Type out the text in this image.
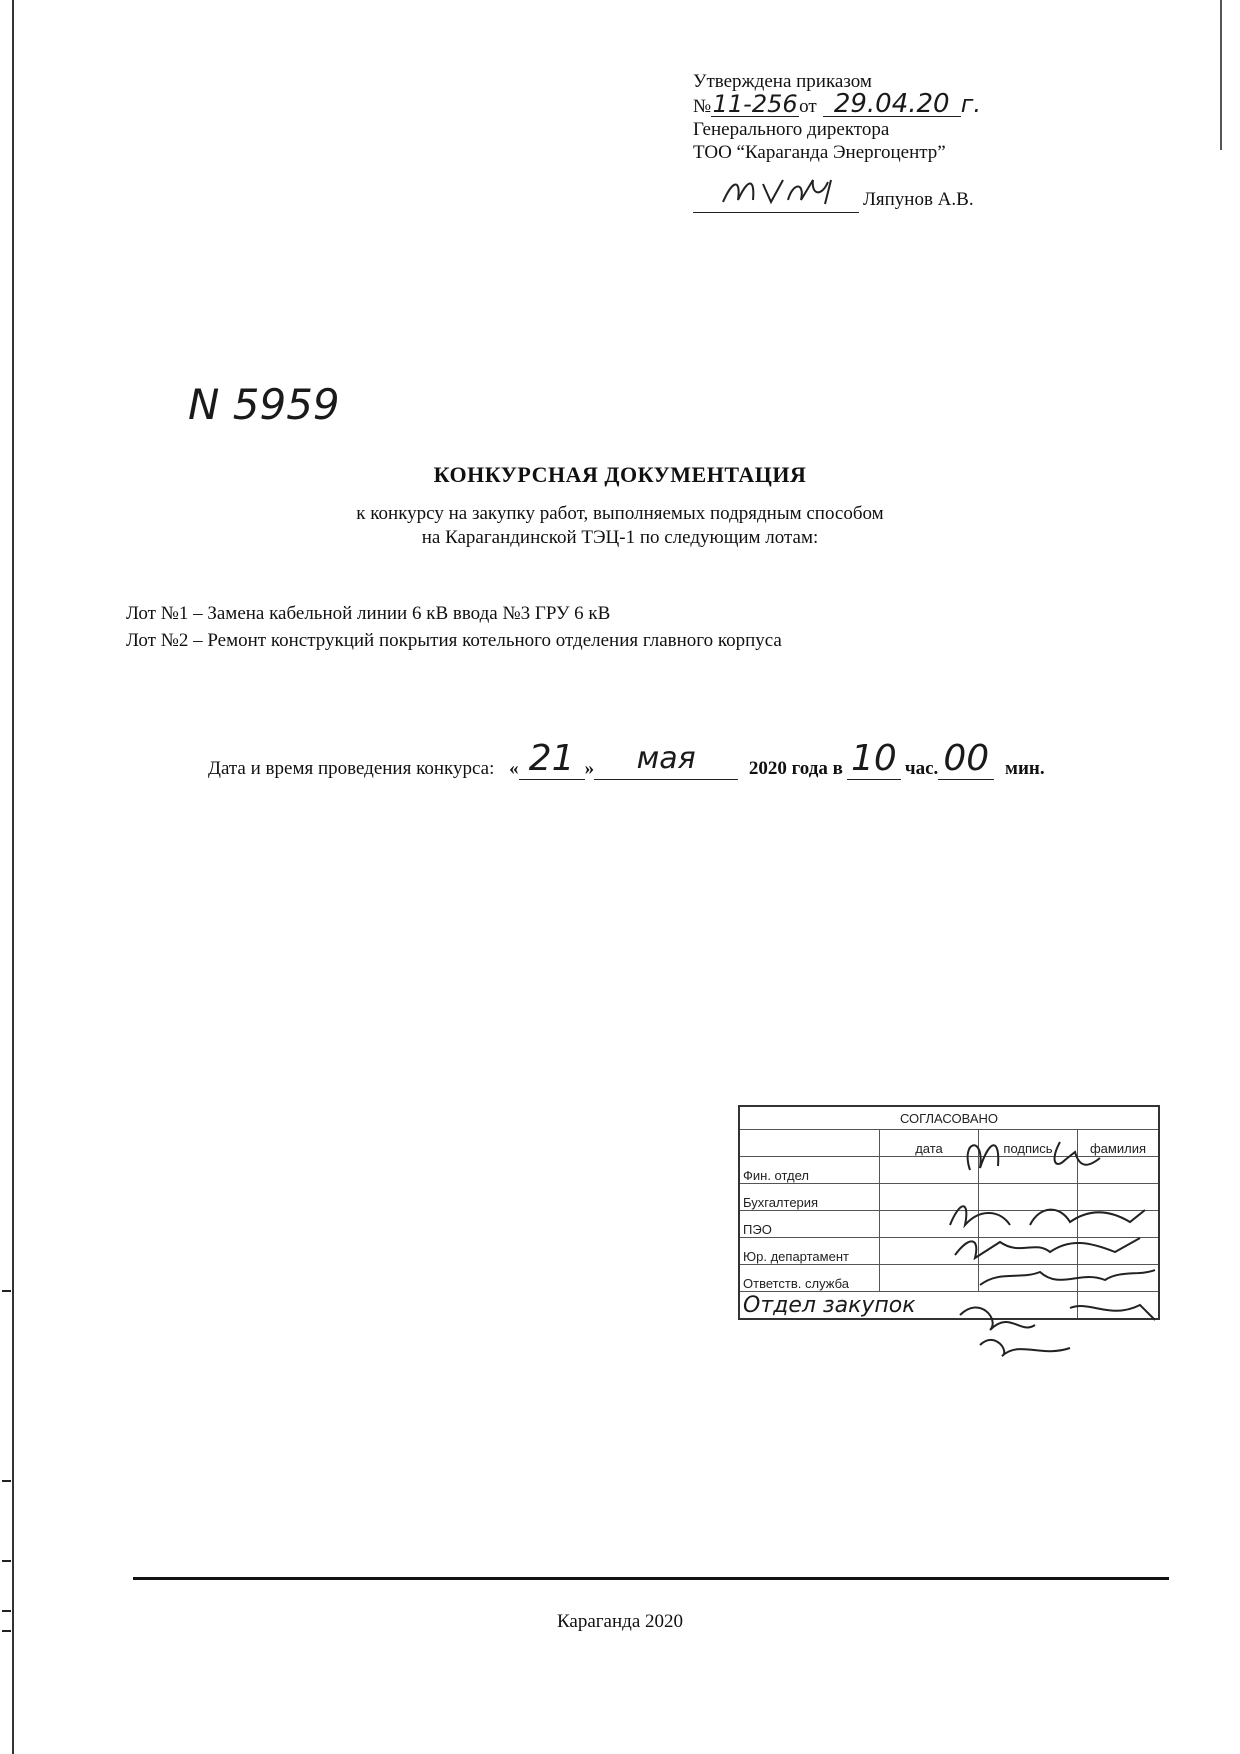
Утверждена приказом
№11-256от 29.04.20 г.
Генерального директора
ТОО “Караганда Энергоцентр”
Ляпунов А.В.
N 5959
КОНКУРСНАЯ ДОКУМЕНТАЦИЯ
к конкурсу на закупку работ, выполняемых подрядным способом
на Карагандинской ТЭЦ-1 по следующим лотам:
Лот №1 – Замена кабельной линии 6 кВ ввода №3 ГРУ 6 кВ
Лот №2 – Ремонт конструкций покрытия котельного отделения главного корпуса
Дата и время проведения конкурса: « 21 »	мая	2020 года в 10 час. 00 мин.
СОГЛАСОВАНО			
	дата	подпись	фамилия
Фин. отдел			
Бухгалтерия			
ПЭО			
Юр. департамент			
Ответств. служба			
Отдел закупок			
Караганда 2020
